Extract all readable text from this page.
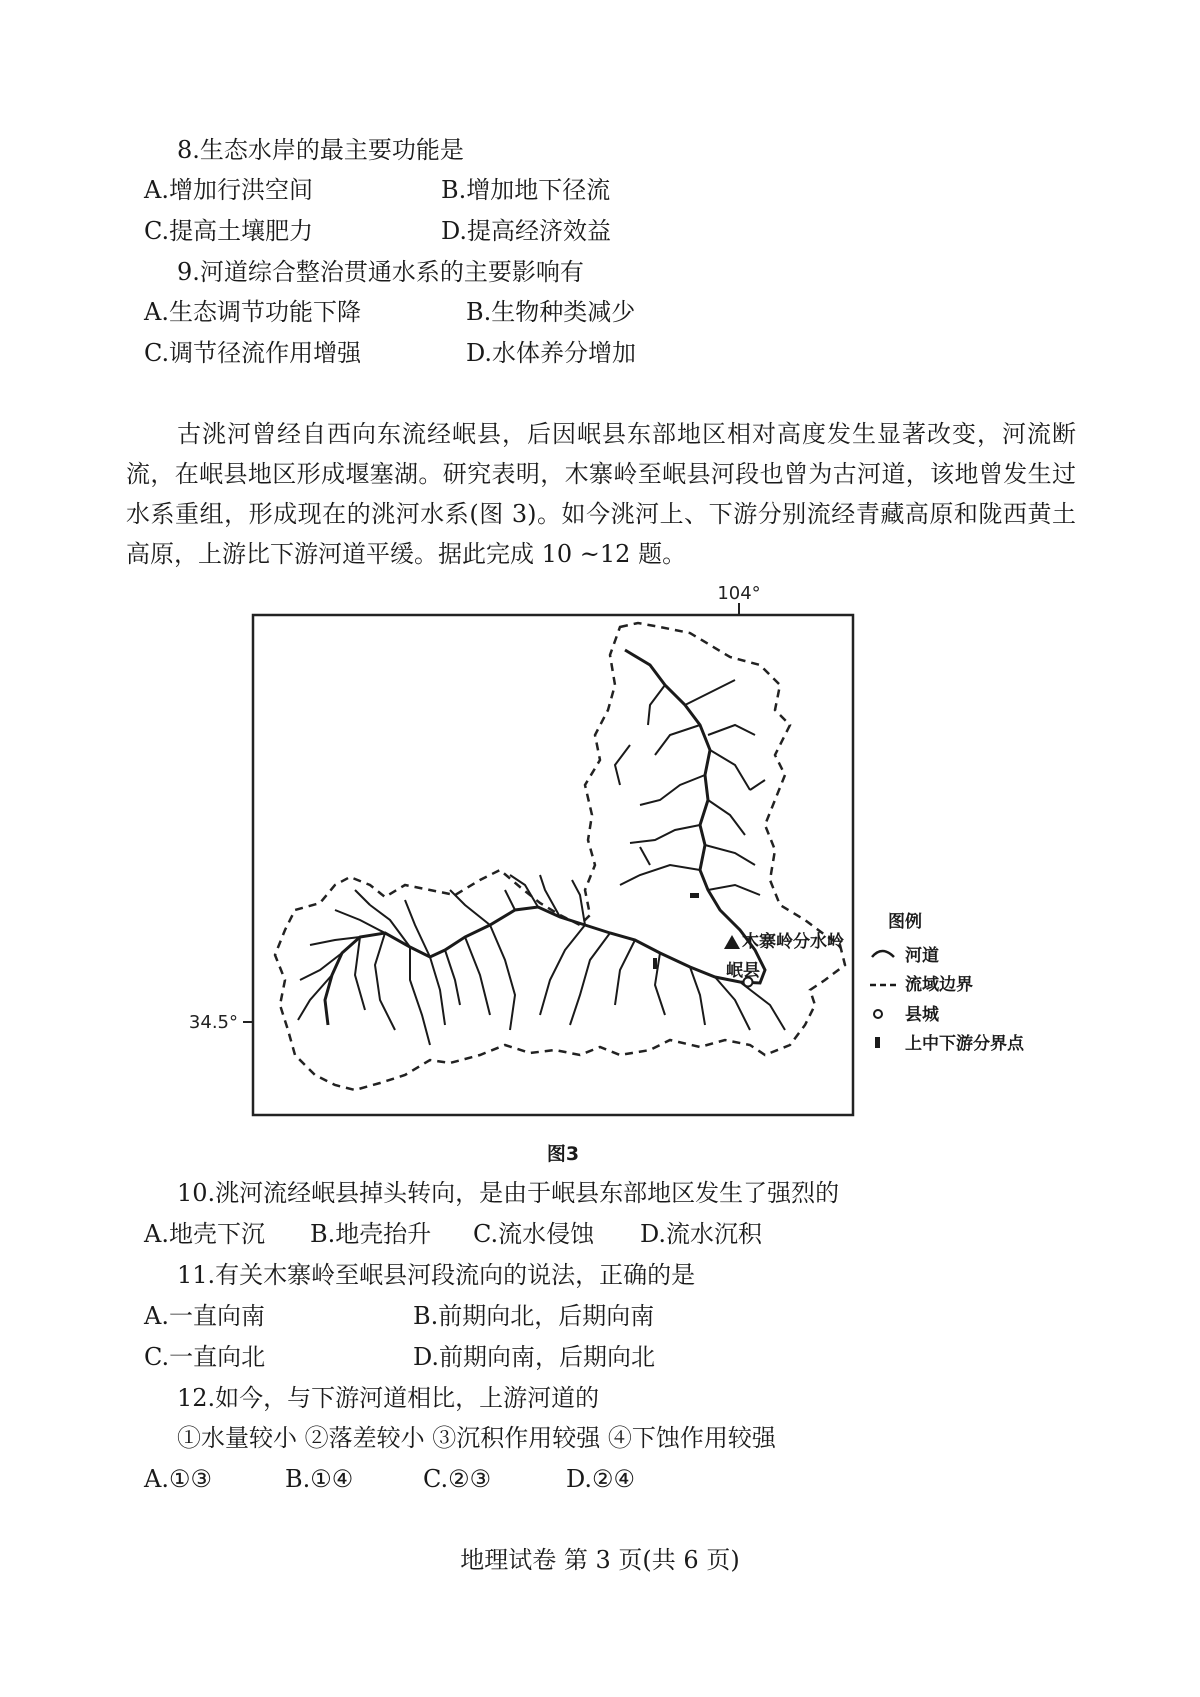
8.生态水岸的最主要功能是
A.增加行洪空间	B.增加地下径流
C.提高土壤肥力	D.提高经济效益
9.河道综合整治贯通水系的主要影响有
A.生态调节功能下降	B.生物种类减少
C.调节径流作用增强	D.水体养分增加
古洮河曾经自西向东流经岷县，后因岷县东部地区相对高度发生显著改变，河流断流，在岷县地区形成堰塞湖。研究表明，木寨岭至岷县河段也曾为古河道，该地曾发生过水系重组，形成现在的洮河水系(图 3)。如今洮河上、下游分别流经青藏高原和陇西黄土高原，上游比下游河道平缓。据此完成 10 ~12 题。
104°
34.5°
木寨岭分水岭
岷县
图例
河道
流域边界
县城
上中下游分界点
图3
10.洮河流经岷县掉头转向，是由于岷县东部地区发生了强烈的
A.地壳下沉 B.地壳抬升 C.流水侵蚀 D.流水沉积
11.有关木寨岭至岷县河段流向的说法，正确的是
A.一直向南	B.前期向北，后期向南
C.一直向北	D.前期向南，后期向北
12.如今，与下游河道相比，上游河道的
①水量较小 ②落差较小 ③沉积作用较强 ④下蚀作用较强
A.①③	B.①④	C.②③	D.②④
地理试卷 第 3 页(共 6 页)
